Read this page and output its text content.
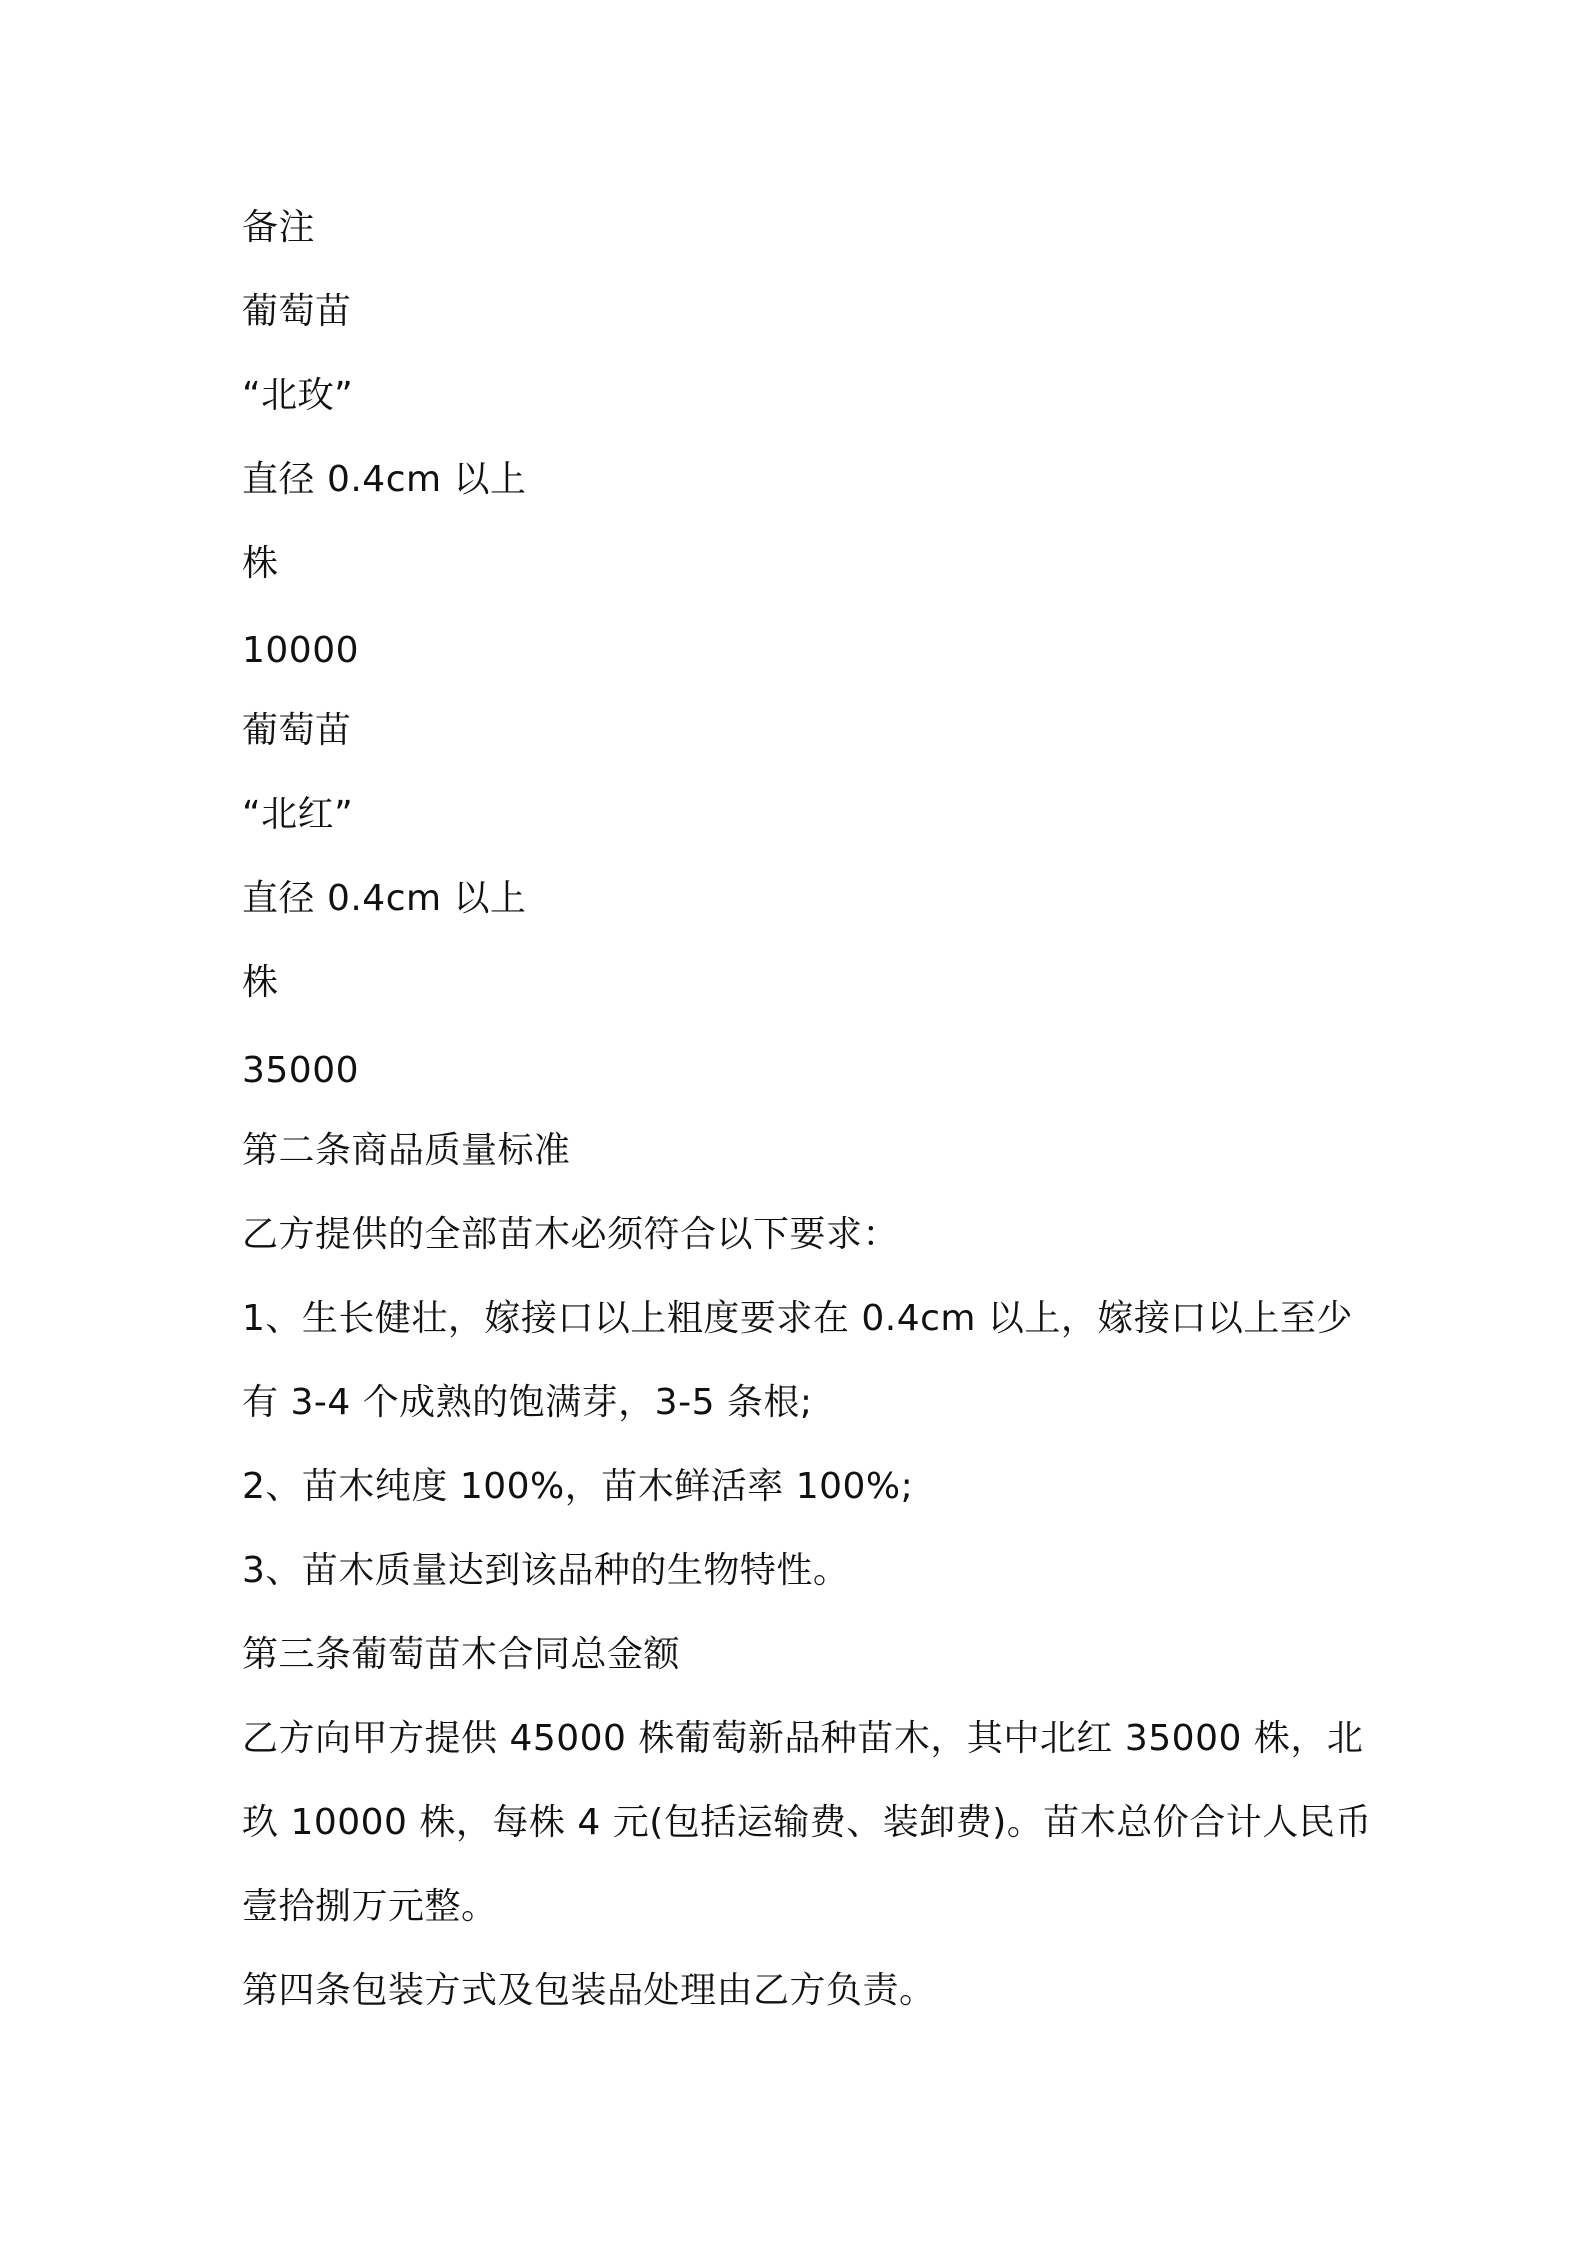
备注
葡萄苗
“北玫”
直径 0.4cm 以上
株
10000
葡萄苗
“北红”
直径 0.4cm 以上
株
35000
第二条商品质量标准
乙方提供的全部苗木必须符合以下要求：
1、生长健壮，嫁接口以上粗度要求在 0.4cm 以上，嫁接口以上至少
有 3-4 个成熟的饱满芽，3-5 条根;
2、苗木纯度 100%，苗木鲜活率 100%;
3、苗木质量达到该品种的生物特性。
第三条葡萄苗木合同总金额
乙方向甲方提供 45000 株葡萄新品种苗木，其中北红 35000 株，北
玖 10000 株，每株 4 元(包括运输费、装卸费)。苗木总价合计人民币
壹拾捌万元整。
第四条包装方式及包装品处理由乙方负责。
